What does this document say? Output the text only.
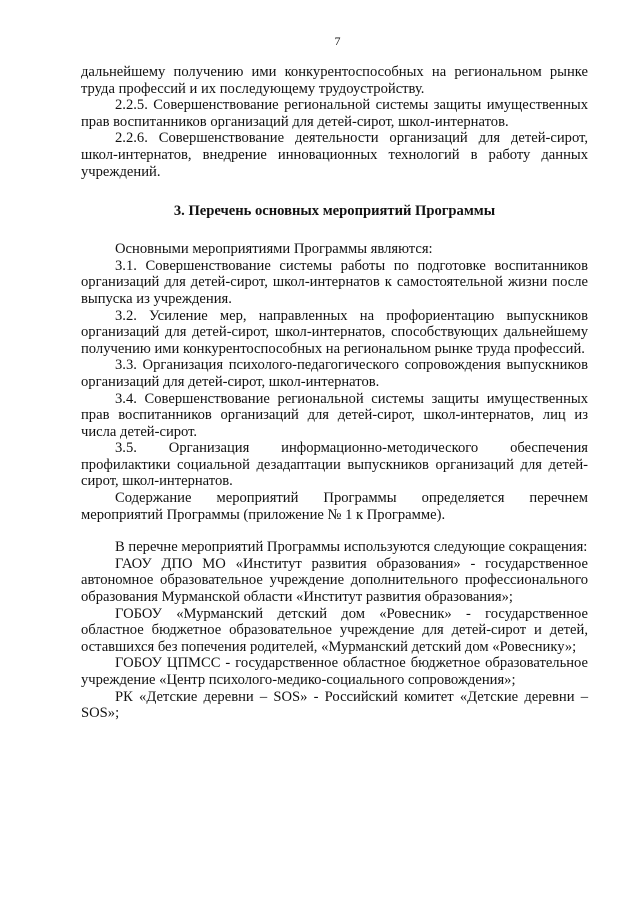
7

дальнейшему получению ими конкурентоспособных на региональном рынке труда профессий и их последующему трудоустройству.

2.2.5. Совершенствование региональной системы защиты имущественных прав воспитанников организаций для детей-сирот, школ-интернатов.

2.2.6. Совершенствование деятельности организаций для детей-сирот, школ-интернатов, внедрение инновационных технологий в работу данных учреждений.

3. Перечень основных мероприятий Программы

Основными мероприятиями Программы являются:

3.1. Совершенствование системы работы по подготовке воспитанников организаций для детей-сирот, школ-интернатов к самостоятельной жизни после выпуска из учреждения.

3.2. Усиление мер, направленных на профориентацию выпускников организаций для детей-сирот, школ-интернатов, способствующих дальнейшему получению ими конкурентоспособных на региональном рынке труда профессий.

3.3. Организация психолого-педагогического сопровождения выпускников организаций для детей-сирот, школ-интернатов.

3.4. Совершенствование региональной системы защиты имущественных прав воспитанников организаций для детей-сирот, школ-интернатов, лиц из числа детей-сирот.

3.5. Организация информационно-методического обеспечения профилактики социальной дезадаптации выпускников организаций для детей-сирот, школ-интернатов.

Содержание мероприятий Программы определяется перечнем мероприятий Программы (приложение № 1 к Программе).

В перечне мероприятий Программы используются следующие сокращения:

ГАОУ ДПО МО «Институт развития образования» - государственное автономное образовательное учреждение дополнительного профессионального образования Мурманской области «Институт развития образования»;

ГОБОУ «Мурманский детский дом «Ровесник» - государственное областное бюджетное образовательное учреждение для детей-сирот и детей, оставшихся без попечения родителей, «Мурманский детский дом «Ровеснику»;

ГОБОУ ЦПМСС - государственное областное бюджетное образовательное учреждение «Центр психолого-медико-социального сопровождения»;

РК «Детские деревни – SOS» - Российский комитет «Детские деревни – SOS»;
